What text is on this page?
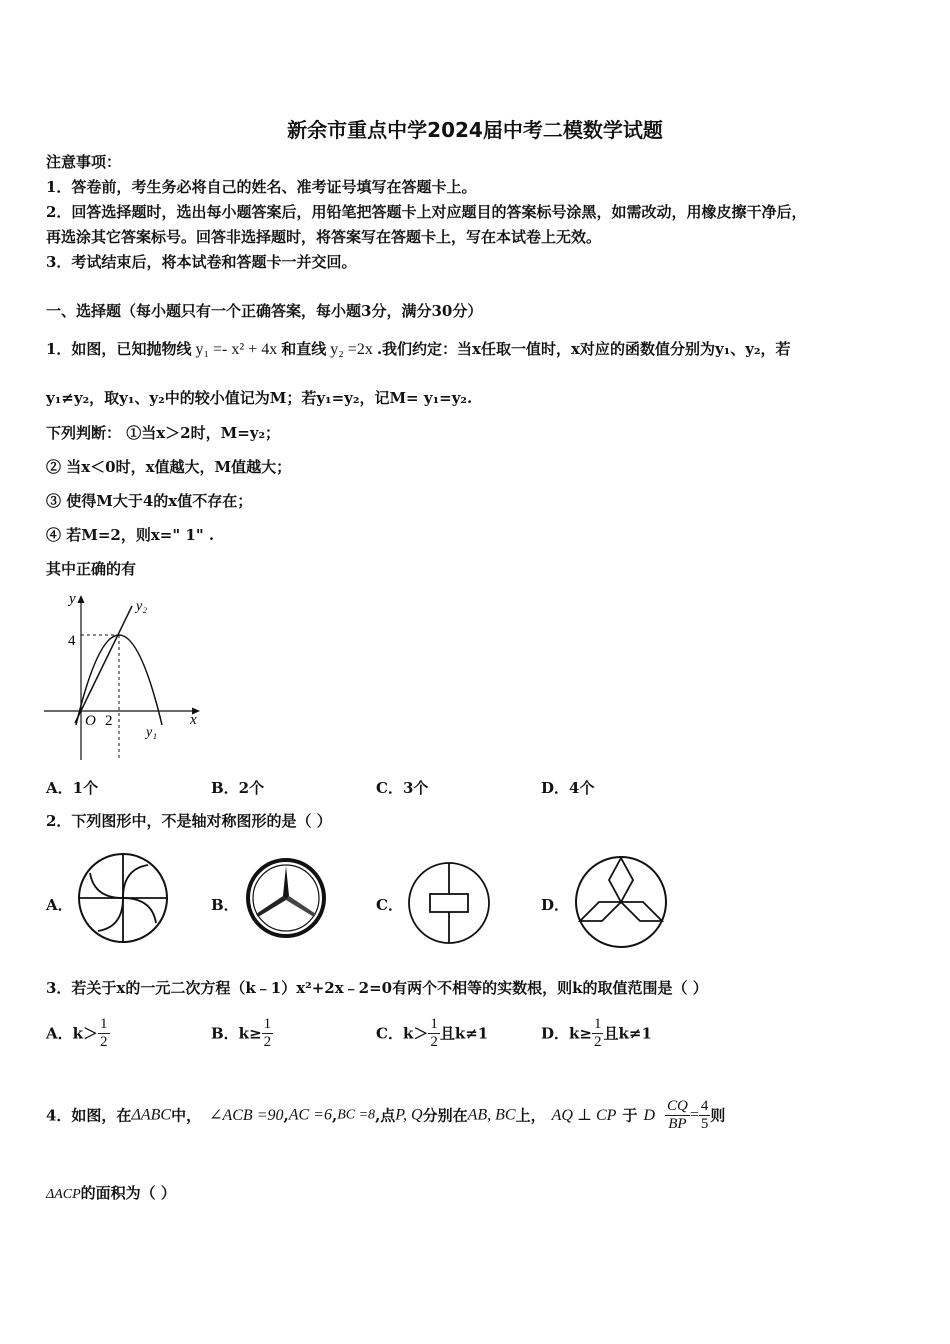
新余市重点中学2024届中考二模数学试题
注意事项：
1．答卷前，考生务必将自己的姓名、准考证号填写在答题卡上。
2．回答选择题时，选出每小题答案后，用铅笔把答题卡上对应题目的答案标号涂黑，如需改动，用橡皮擦干净后，
再选涂其它答案标号。回答非选择题时，将答案写在答题卡上，写在本试卷上无效。
3．考试结束后，将本试卷和答题卡一并交回。
一、选择题（每小题只有一个正确答案，每小题3分，满分30分）
1．如图，已知抛物线 y₁ =- x² + 4x 和直线 y₂ =2x .我们约定：当x任取一值时，x对应的函数值分别为y₁、y₂，若
y₁≠y₂，取y₁、y₂中的较小值记为M；若y₁=y₂，记M= y₁=y₂.
下列判断： ①当x＞2时，M=y₂；
② 当x＜0时，x值越大，M值越大；
③ 使得M大于4的x值不存在；
④ 若M=2，则x=" 1" .
其中正确的有
y
x
O 2
4
y₂
y₁
A．1个	B．2个	C．3个	D．4个
2．下列图形中，不是轴对称图形的是（ ）
A．	B．	C．	D．
3．若关于x的一元二次方程（k﹣1）x²+2x﹣2=0有两个不相等的实数根，则k的取值范围是（ ）
A．$k> \frac{1}{2}$	B．$k\ge \frac{1}{2}$	C．$k> \frac{1}{2}$ 且k≠1	D．$k\ge \frac{1}{2}$ 且k≠1
4．如图，在ΔABC中， ∠ACB =90,AC =6,BC =8,点P, Q分别在AB, BC上， AQ ⊥ CP 于 D $\frac{CQ}{BP} = \frac{4}{5}$ 则
ΔACP的面积为（ ）
